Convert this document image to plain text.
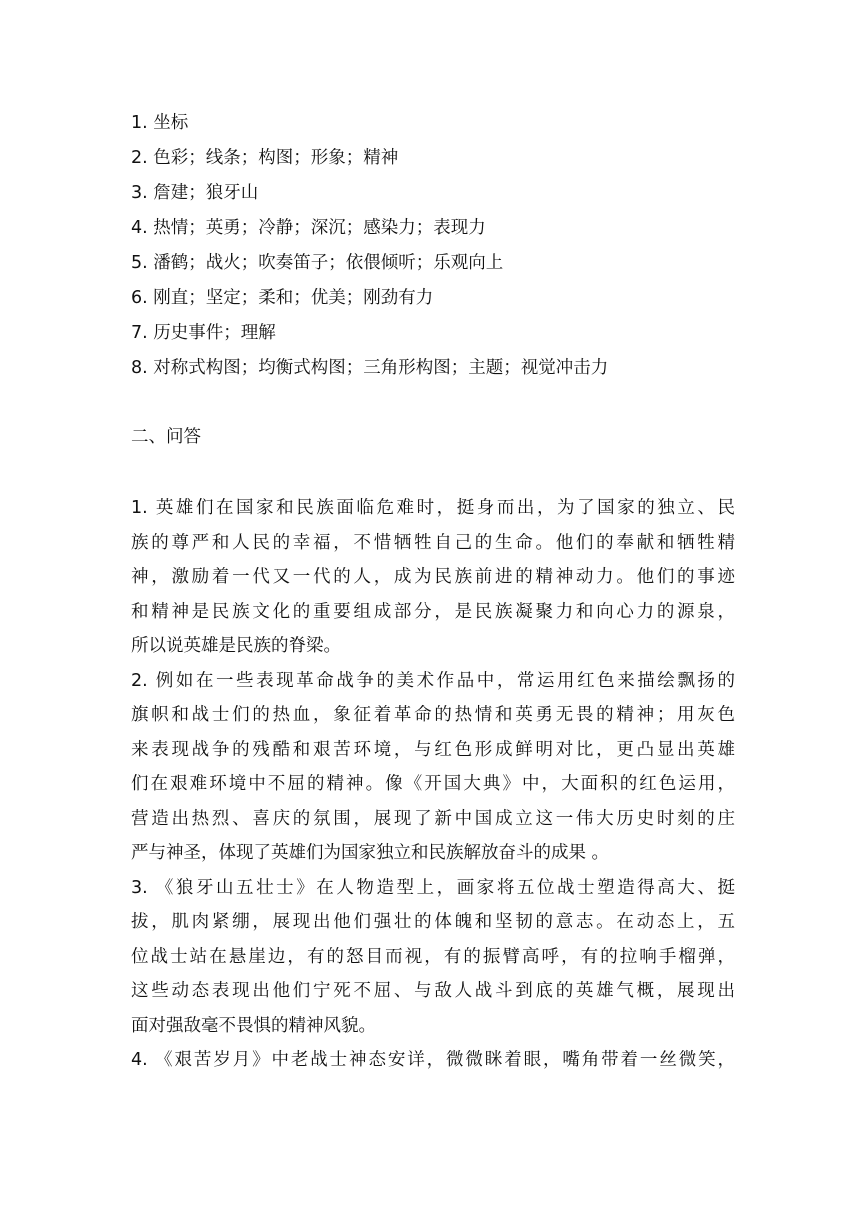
1. 坐标
2. 色彩；线条；构图；形象；精神
3. 詹建；狼牙山
4. 热情；英勇；冷静；深沉；感染力；表现力
5. 潘鹤；战火；吹奏笛子；依偎倾听；乐观向上
6. 刚直；坚定；柔和；优美；刚劲有力
7. 历史事件；理解
8. 对称式构图；均衡式构图；三角形构图；主题；视觉冲击力
二、问答
1. 英雄们在国家和民族面临危难时，挺身而出，为了国家的独立、民
族的尊严和人民的幸福，不惜牺牲自己的生命。他们的奉献和牺牲精
神，激励着一代又一代的人，成为民族前进的精神动力。他们的事迹
和精神是民族文化的重要组成部分，是民族凝聚力和向心力的源泉，
所以说英雄是民族的脊梁。
2. 例如在一些表现革命战争的美术作品中，常运用红色来描绘飘扬的
旗帜和战士们的热血，象征着革命的热情和英勇无畏的精神；用灰色
来表现战争的残酷和艰苦环境，与红色形成鲜明对比，更凸显出英雄
们在艰难环境中不屈的精神。像《开国大典》中，大面积的红色运用，
营造出热烈、喜庆的氛围，展现了新中国成立这一伟大历史时刻的庄
严与神圣，体现了英雄们为国家独立和民族解放奋斗的成果 。
3. 《狼牙山五壮士》在人物造型上，画家将五位战士塑造得高大、挺
拔，肌肉紧绷，展现出他们强壮的体魄和坚韧的意志。在动态上，五
位战士站在悬崖边，有的怒目而视，有的振臂高呼，有的拉响手榴弹，
这些动态表现出他们宁死不屈、与敌人战斗到底的英雄气概，展现出
面对强敌毫不畏惧的精神风貌。
4. 《艰苦岁月》中老战士神态安详，微微眯着眼，嘴角带着一丝微笑，
